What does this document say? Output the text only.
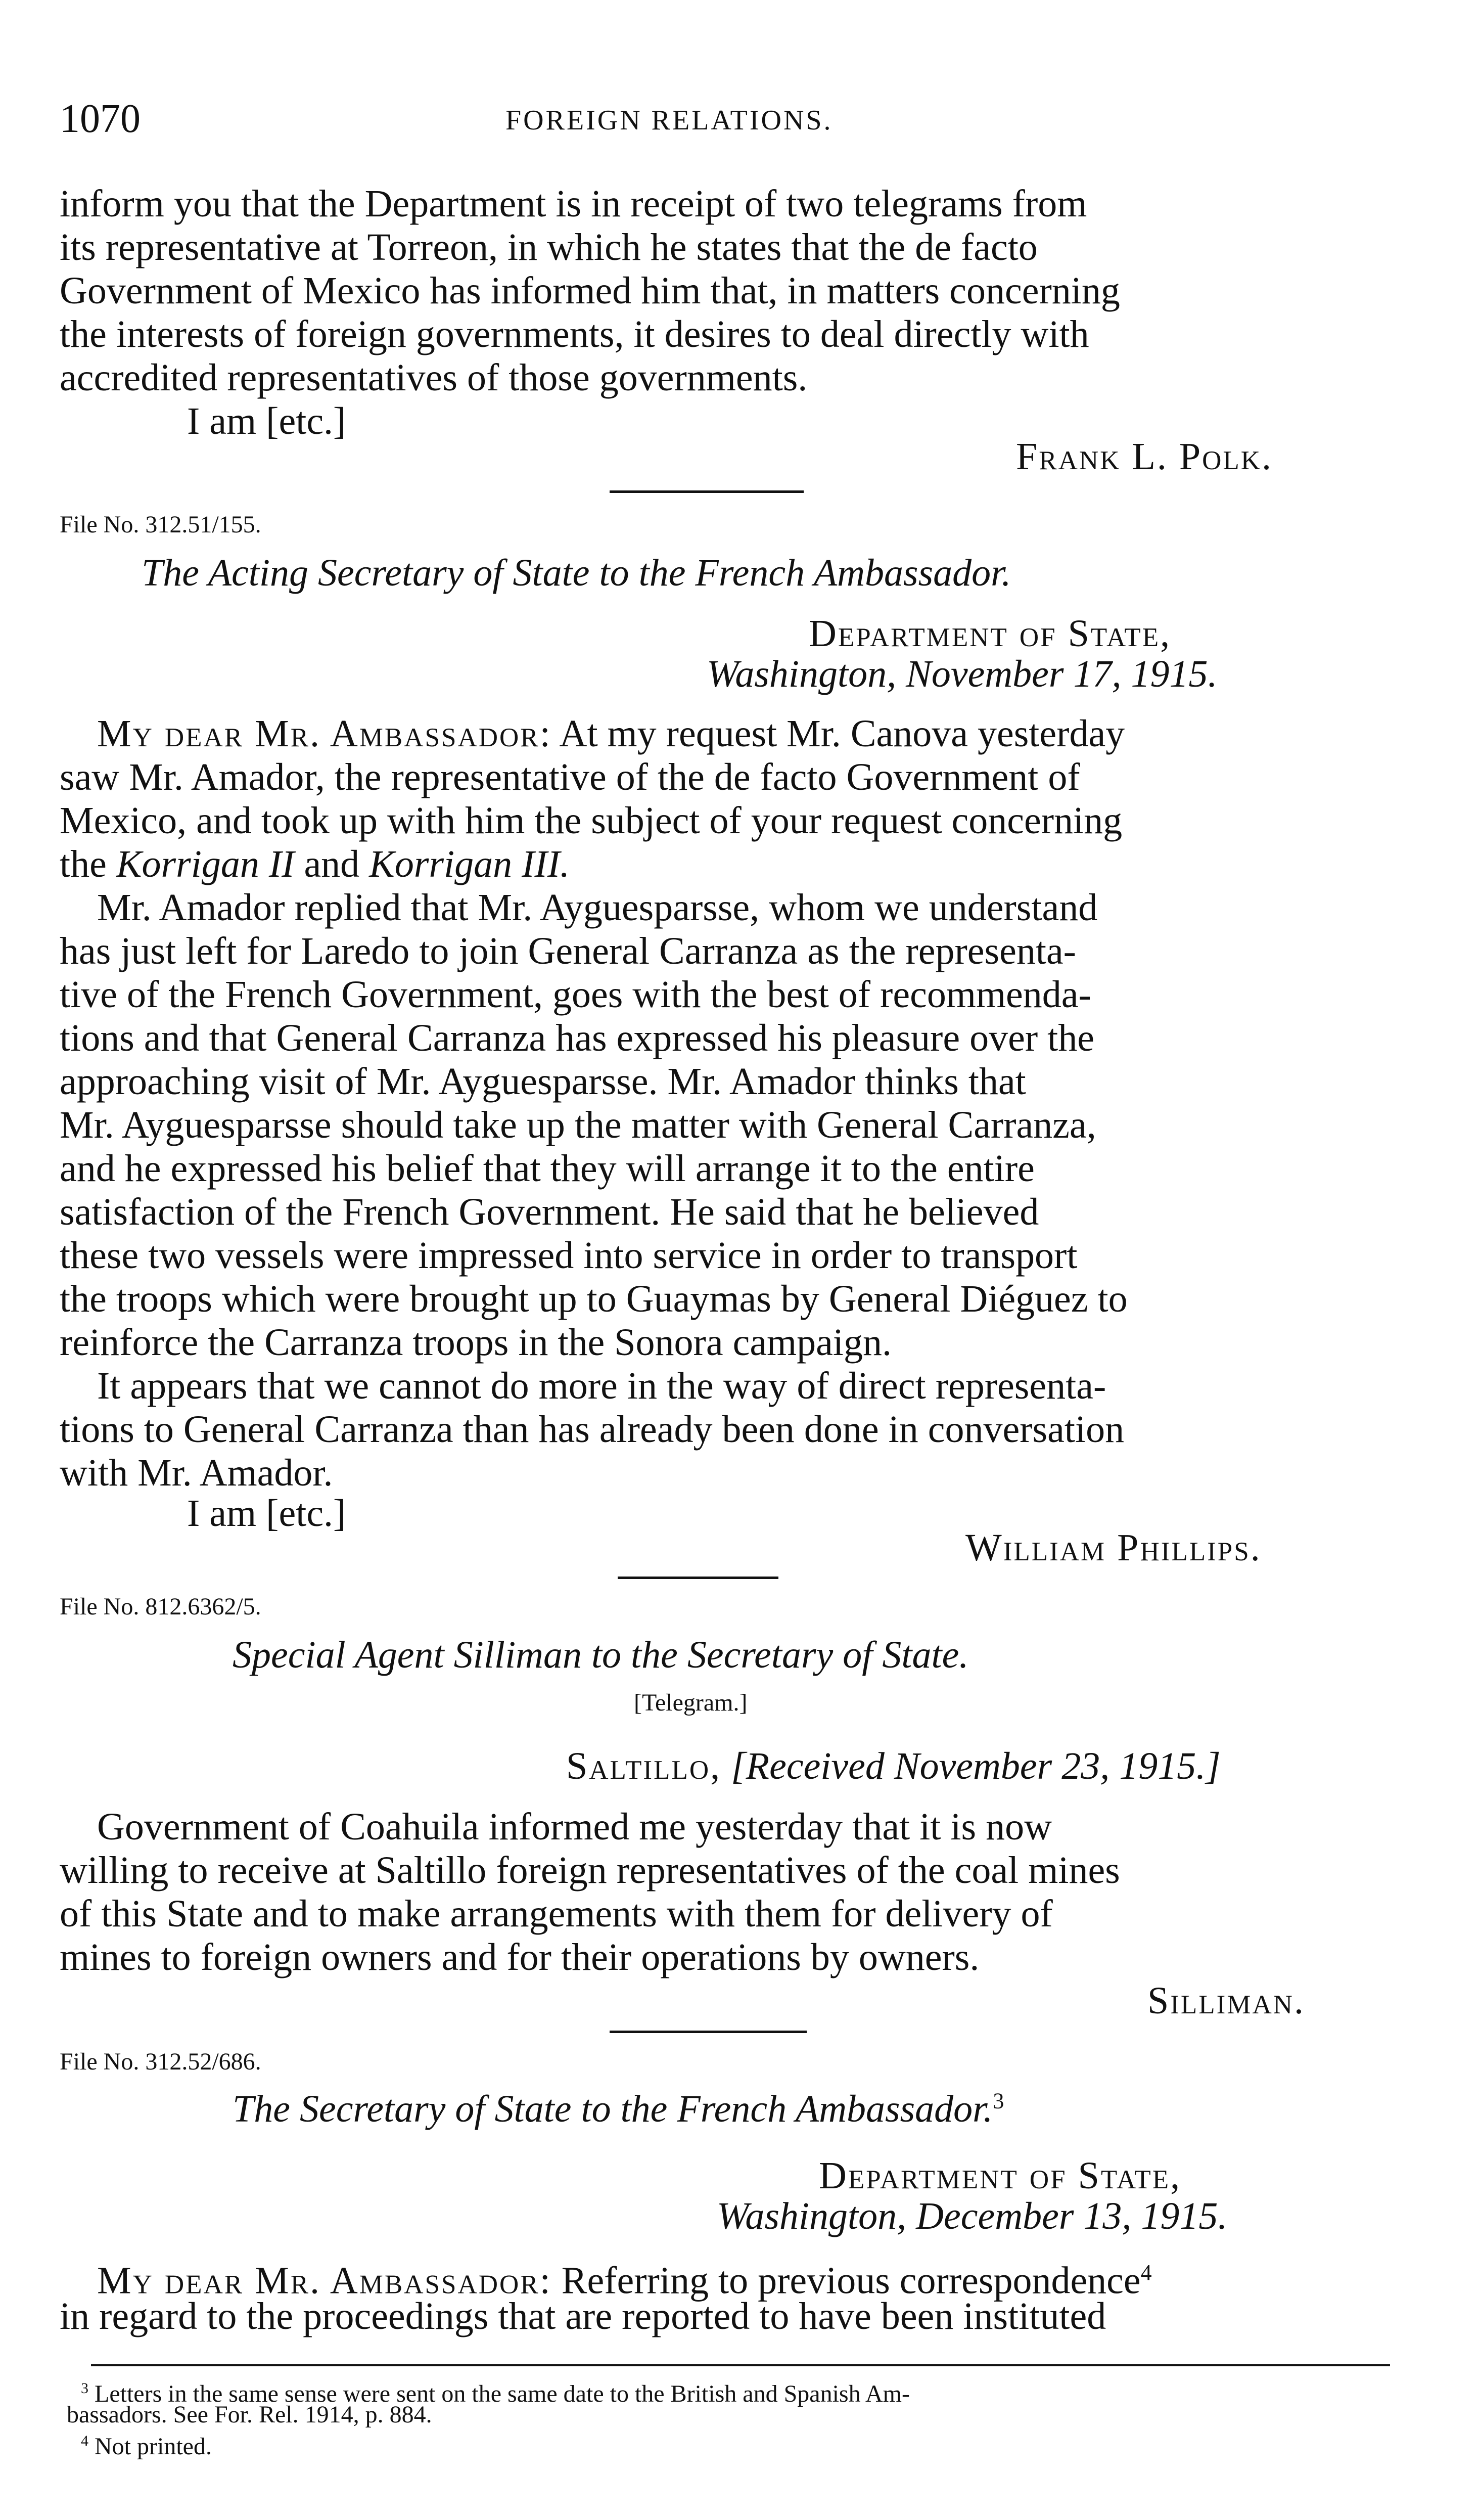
1070	FOREIGN RELATIONS.
inform you that the Department is in receipt of two telegrams from
its representative at Torreon, in which he states that the de facto
Government of Mexico has informed him that, in matters concerning
the interests of foreign governments, it desires to deal directly with
accredited representatives of those governments.
I am [etc.]
Frank L. Polk.
File No. 312.51/155.
The Acting Secretary of State to the French Ambassador.
Department of State,
Washington, November 17, 1915.
My dear Mr. Ambassador: At my request Mr. Canova yesterday
saw Mr. Amador, the representative of the de facto Government of
Mexico, and took up with him the subject of your request concerning
the Korrigan II and Korrigan III.
Mr. Amador replied that Mr. Ayguesparsse, whom we understand
has just left for Laredo to join General Carranza as the representa-
tive of the French Government, goes with the best of recommenda-
tions and that General Carranza has expressed his pleasure over the
approaching visit of Mr. Ayguesparsse. Mr. Amador thinks that
Mr. Ayguesparsse should take up the matter with General Carranza,
and he expressed his belief that they will arrange it to the entire
satisfaction of the French Government. He said that he believed
these two vessels were impressed into service in order to transport
the troops which were brought up to Guaymas by General Diéguez to
reinforce the Carranza troops in the Sonora campaign.
It appears that we cannot do more in the way of direct representa-
tions to General Carranza than has already been done in conversation
with Mr. Amador.
I am [etc.]
William Phillips.
File No. 812.6362/5.
Special Agent Silliman to the Secretary of State.
[Telegram.]
Saltillo, [Received November 23, 1915.]
Government of Coahuila informed me yesterday that it is now
willing to receive at Saltillo foreign representatives of the coal mines
of this State and to make arrangements with them for delivery of
mines to foreign owners and for their operations by owners.
Silliman.
File No. 312.52/686.
The Secretary of State to the French Ambassador.$^3$
Department of State,
Washington, December 13, 1915.
My dear Mr. Ambassador: Referring to previous correspondence$^4$
in regard to the proceedings that are reported to have been instituted
$^3$ Letters in the same sense were sent on the same date to the British and Spanish Am-
bassadors. See For. Rel. 1914, p. 884.
$^4$ Not printed.
